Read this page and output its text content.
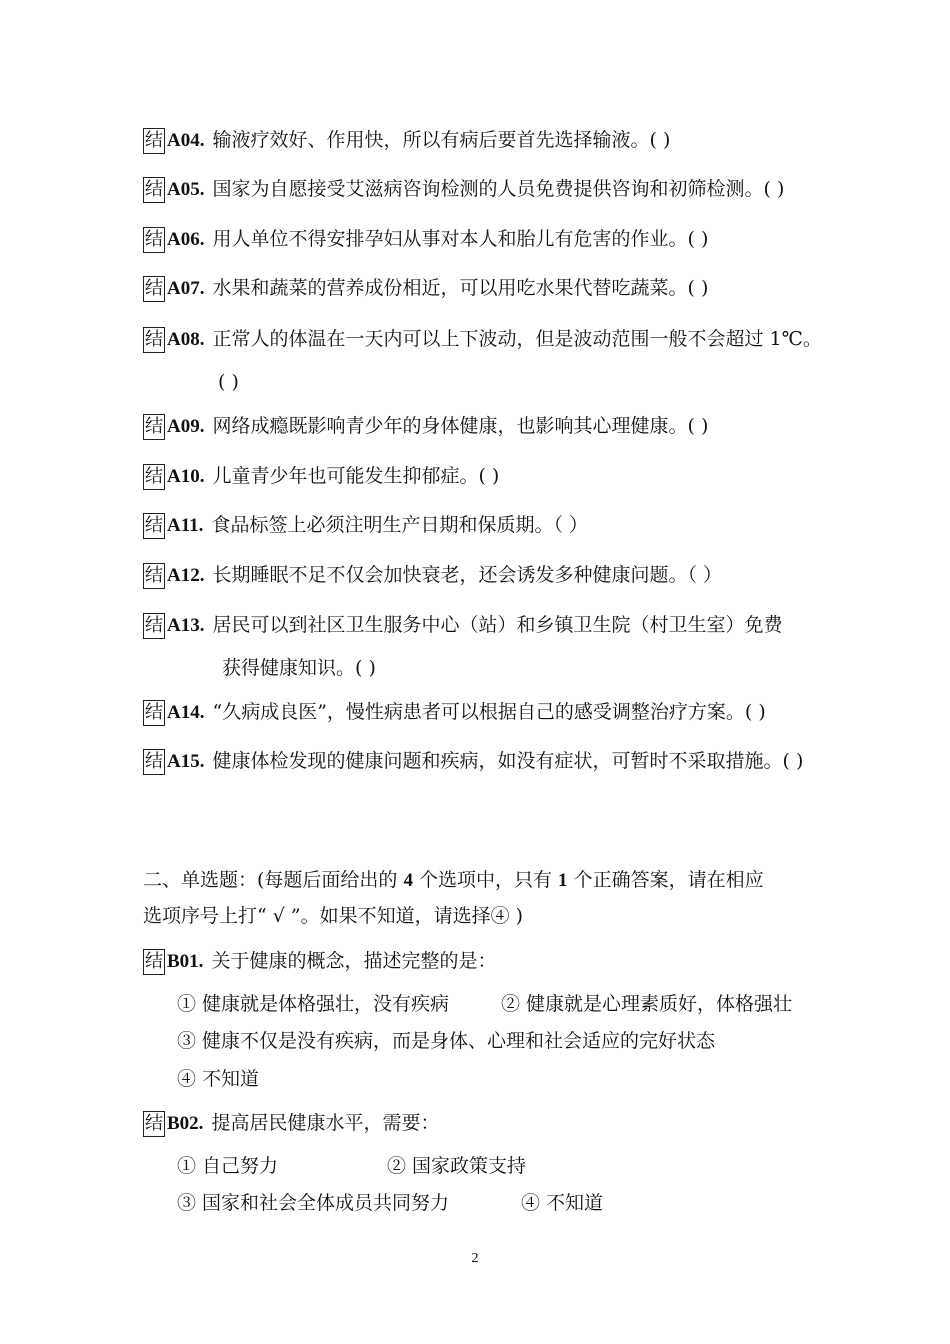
结 A04. 输液疗效好、作用快，所以有病后要首先选择输液。( )
结 A05. 国家为自愿接受艾滋病咨询检测的人员免费提供咨询和初筛检测。( )
结 A06. 用人单位不得安排孕妇从事对本人和胎儿有危害的作业。( )
结 A07. 水果和蔬菜的营养成份相近，可以用吃水果代替吃蔬菜。( )
结 A08. 正常人的体温在一天内可以上下波动，但是波动范围一般不会超过 1℃。
( )
结 A09. 网络成瘾既影响青少年的身体健康，也影响其心理健康。( )
结 A10. 儿童青少年也可能发生抑郁症。( )
结 A11. 食品标签上必须注明生产日期和保质期。（ ）
结 A12. 长期睡眠不足不仅会加快衰老，还会诱发多种健康问题。（ ）
结 A13. 居民可以到社区卫生服务中心（站）和乡镇卫生院（村卫生室）免费
获得健康知识。( )
结 A14. “久病成良医”，慢性病患者可以根据自己的感受调整治疗方案。( )
结 A15. 健康体检发现的健康问题和疾病，如没有症状，可暂时不采取措施。( )
二、单选题：(每题后面给出的 4 个选项中，只有 1 个正确答案，请在相应
选项序号上打“ √ ”。如果不知道，请选择④ )
结 B01. 关于健康的概念，描述完整的是：
① 健康就是体格强壮，没有疾病	② 健康就是心理素质好，体格强壮
③ 健康不仅是没有疾病，而是身体、心理和社会适应的完好状态
④ 不知道
结 B02. 提高居民健康水平，需要：
① 自己努力	② 国家政策支持
③ 国家和社会全体成员共同努力	④ 不知道
2
